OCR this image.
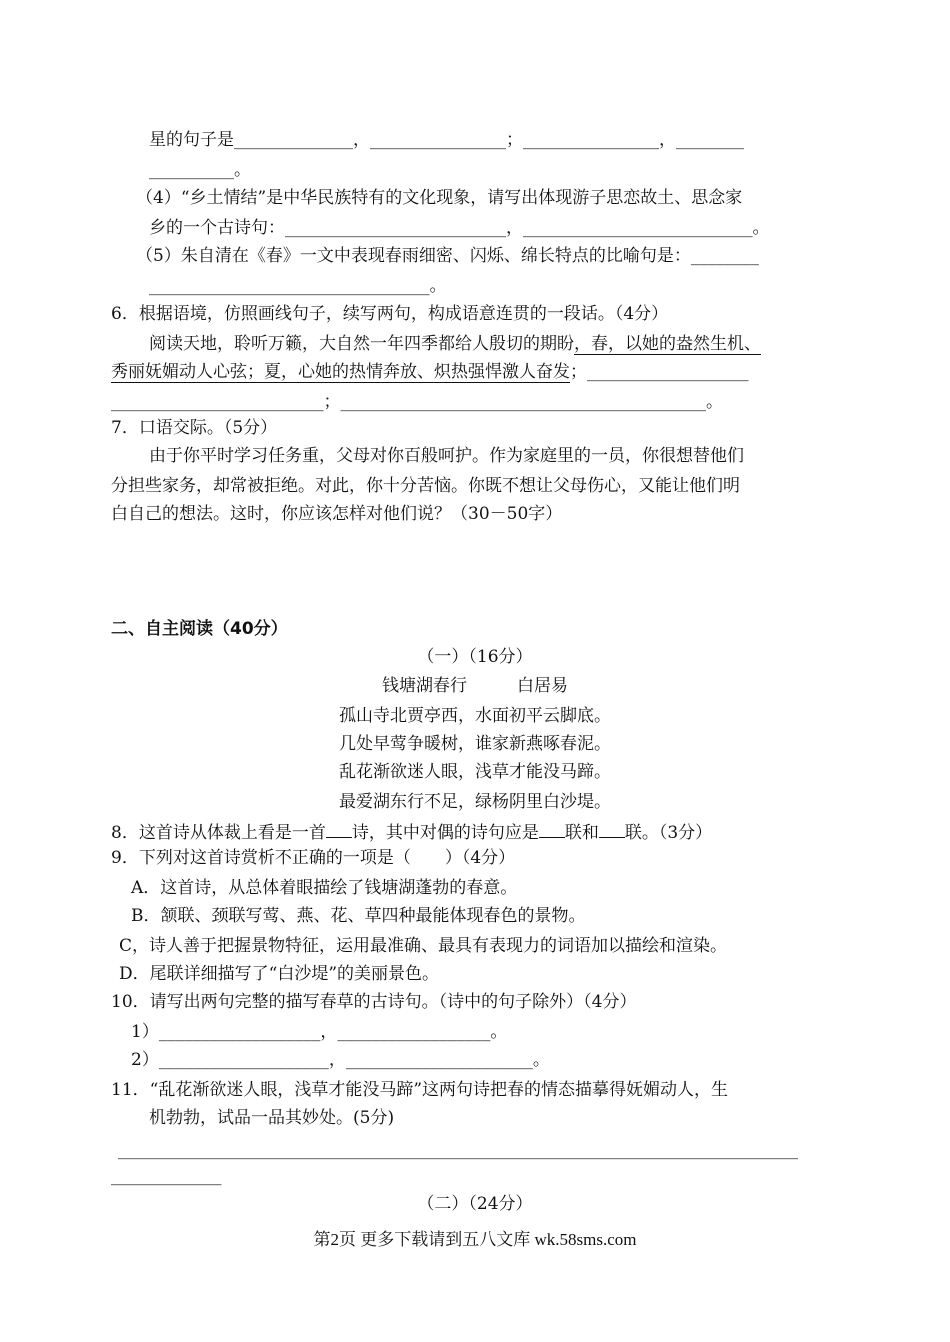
星的句子是______________，________________；________________，________
__________。
（4）“乡土情结”是中华民族特有的文化现象，请写出体现游子思恋故土、思念家
乡的一个古诗句：__________________________，___________________________。
（5）朱自清在《春》一文中表现春雨细密、闪烁、绵长特点的比喻句是：________
_________________________________。
6．根据语境，仿照画线句子，续写两句，构成语意连贯的一段话。（4分）
阅读天地，聆听万籁，大自然一年四季都给人殷切的期盼，春，以她的盎然生机、
秀丽妩媚动人心弦；夏，心她的热情奔放、炽热强悍激人奋发；___________________
_________________________；___________________________________________。
7．口语交际。（5分）
由于你平时学习任务重，父母对你百般呵护。作为家庭里的一员，你很想替他们
分担些家务，却常被拒绝。对此，你十分苦恼。你既不想让父母伤心，又能让他们明
白自己的想法。这时，你应该怎样对他们说？（30－50字）
二、自主阅读（40分）
（一）（16分）
钱塘湖春行	白居易
孤山寺北贾亭西，水面初平云脚底。
几处早莺争暖树，谁家新燕啄春泥。
乱花渐欲迷人眼，浅草才能没马蹄。
最爱湖东行不足，绿杨阴里白沙堤。
8．这首诗从体裁上看是一首 诗，其中对偶的诗句应是 联和 联。（3分）
9．下列对这首诗赏析不正确的一项是（　　）（4分）
A．这首诗，从总体着眼描绘了钱塘湖蓬勃的春意。
B．颔联、颈联写莺、燕、花、草四种最能体现春色的景物。
C，诗人善于把握景物特征，运用最准确、最具有表现力的词语加以描绘和渲染。
D．尾联详细描写了“白沙堤”的美丽景色。
10．请写出两句完整的描写春草的古诗句。（诗中的句子除外）（4分）
1）___________________，__________________。
2）____________________，______________________。
11．“乱花渐欲迷人眼，浅草才能没马蹄”这两句诗把春的情态描摹得妩媚动人，生
机勃勃，试品一品其妙处。(5分)
________________________________________________________________________________
_____________
（二）（24分）
第2页 更多下载请到五八文库 wk.58sms.com
